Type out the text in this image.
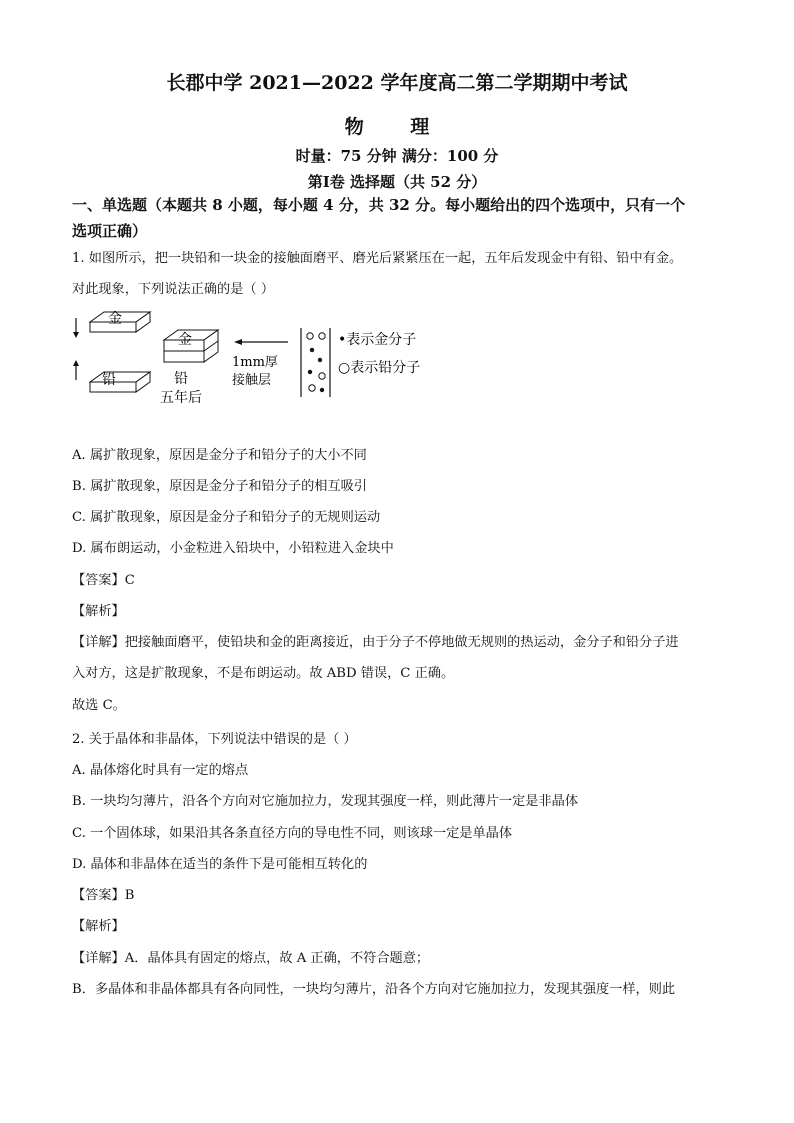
长郡中学 2021—2022 学年度高二第二学期期中考试
物 理
时量：75 分钟 满分：100 分
第Ⅰ卷 选择题（共 52 分）
一、单选题（本题共 8 小题，每小题 4 分，共 32 分。每小题给出的四个选项中，只有一个
选项正确）
1. 如图所示，把一块铅和一块金的接触面磨平、磨光后紧紧压在一起，五年后发现金中有铅、铅中有金。
对此现象，下列说法正确的是（ ）
金
铅
金
铅
五年后
1mm厚
接触层
•表示金分子
○表示铅分子
A. 属扩散现象，原因是金分子和铅分子的大小不同
B. 属扩散现象，原因是金分子和铅分子的相互吸引
C. 属扩散现象，原因是金分子和铅分子的无规则运动
D. 属布朗运动，小金粒进入铅块中，小铅粒进入金块中
【答案】C
【解析】
【详解】把接触面磨平，使铅块和金的距离接近，由于分子不停地做无规则的热运动，金分子和铅分子进
入对方，这是扩散现象，不是布朗运动。故 ABD 错误，C 正确。
故选 C。
2. 关于晶体和非晶体，下列说法中错误的是（ ）
A. 晶体熔化时具有一定的熔点
B. 一块均匀薄片，沿各个方向对它施加拉力，发现其强度一样，则此薄片一定是非晶体
C. 一个固体球，如果沿其各条直径方向的导电性不同，则该球一定是单晶体
D. 晶体和非晶体在适当的条件下是可能相互转化的
【答案】B
【解析】
【详解】A．晶体具有固定的熔点，故 A 正确，不符合题意；
B．多晶体和非晶体都具有各向同性，一块均匀薄片，沿各个方向对它施加拉力，发现其强度一样，则此
